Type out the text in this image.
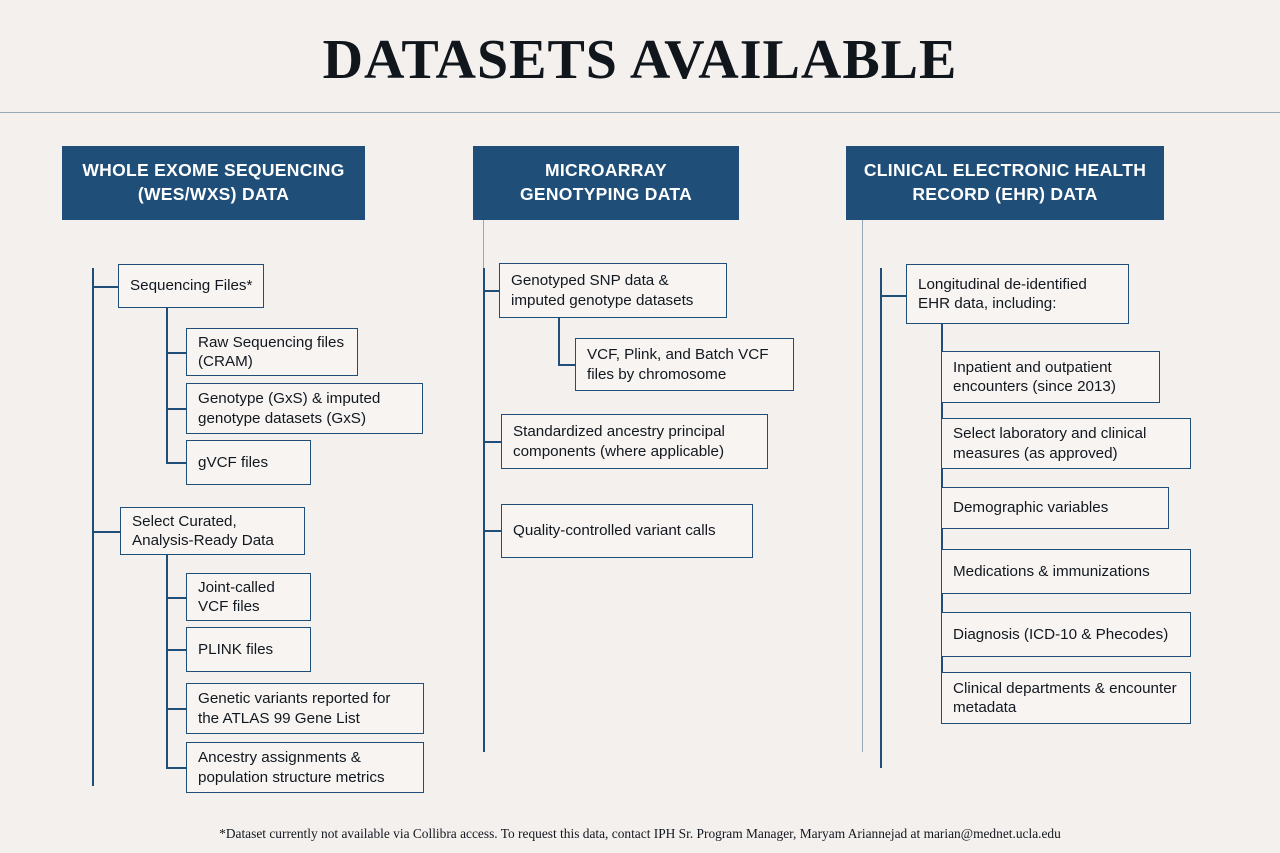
DATASETS AVAILABLE
WHOLE EXOME SEQUENCING (WES/WXS) DATA
Sequencing Files*
Raw Sequencing files (CRAM)
Genotype (GxS) & imputed genotype datasets (GxS)
gVCF files
Select Curated, Analysis-Ready Data
Joint-called VCF files
PLINK files
Genetic variants reported for the ATLAS 99 Gene List
Ancestry assignments & population structure metrics
MICROARRAY GENOTYPING DATA
Genotyped SNP data & imputed genotype datasets
VCF, Plink, and Batch VCF files by chromosome
Standardized ancestry principal components (where applicable)
Quality-controlled variant calls
CLINICAL ELECTRONIC HEALTH RECORD (EHR) DATA
Longitudinal de-identified EHR data, including:
Inpatient and outpatient encounters (since 2013)
Select laboratory and clinical measures (as approved)
Demographic variables
Medications & immunizations
Diagnosis (ICD-10 & Phecodes)
Clinical departments & encounter metadata
*Dataset currently not available via Collibra access. To request this data, contact IPH Sr. Program Manager, Maryam Ariannejad at marian@mednet.ucla.edu
